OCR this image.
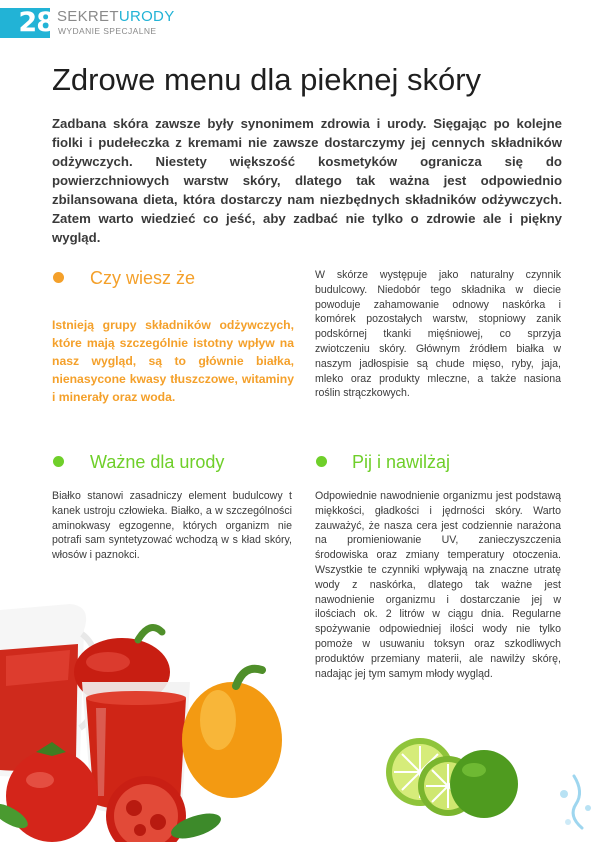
28 SEKRETURODY
WYDANIE SPECJALNE
Zdrowe menu dla pieknej skóry
Zadbana skóra zawsze były synonimem zdrowia i urody. Sięgając po kolejne fiolki i pudełeczka z kremami nie zawsze dostarczymy jej cennych składników odżywczych. Niestety większość kosmetyków ogranicza się do powierzchniowych warstw skóry, dlatego tak ważna jest odpowiednio zbilansowana dieta, która dostarczy nam niezbędnych składników odżywczych. Zatem warto wiedzieć co jeść, aby zadbać nie tylko o zdrowie ale i piękny wygląd.
Czy wiesz że
Istnieją grupy składników odżywczych, które mają szczególnie istotny wpływ na nasz wygląd, są to głównie białka, nienasycone kwasy tłuszczowe, witaminy i minerały oraz woda.
W skórze występuje jako naturalny czynnik budulcowy. Niedobór tego składnika w diecie powoduje zahamowanie odnowy naskórka i komórek pozostałych warstw, stopniowy zanik podskórnej tkanki mięśniowej, co sprzyja zwiotczeniu skóry. Głównym źródłem białka w naszym jadłospisie są chude mięso, ryby, jaja, mleko oraz produkty mleczne, a także nasiona roślin strączkowych.
Ważne dla urody
Białko stanowi zasadniczy element budulcowy t kanek ustroju człowieka. Białko, a w szczególności aminokwasy egzogenne, których organizm nie potrafi sam syntetyzować wchodzą w s kład skóry, włosów i paznokci.
Pij i nawilżaj
Odpowiednie nawodnienie organizmu jest podstawą miękkości, gładkości i jędrności skóry. Warto zauważyć, że nasza cera jest codziennie narażona na promieniowanie UV, zanieczyszczenia środowiska oraz zmiany temperatury otoczenia. Wszystkie te czynniki wpływają na znaczne utratę wody z naskórka, dlatego tak ważne jest nawodnienie organizmu i dostarczanie jej w ilościach ok. 2 litrów w ciągu dnia. Regularne spożywanie odpowiedniej ilości wody nie tylko pomoże w usuwaniu toksyn oraz szkodliwych produktów przemiany materii, ale nawilży skórę, nadając jej tym samym młody wygląd.
